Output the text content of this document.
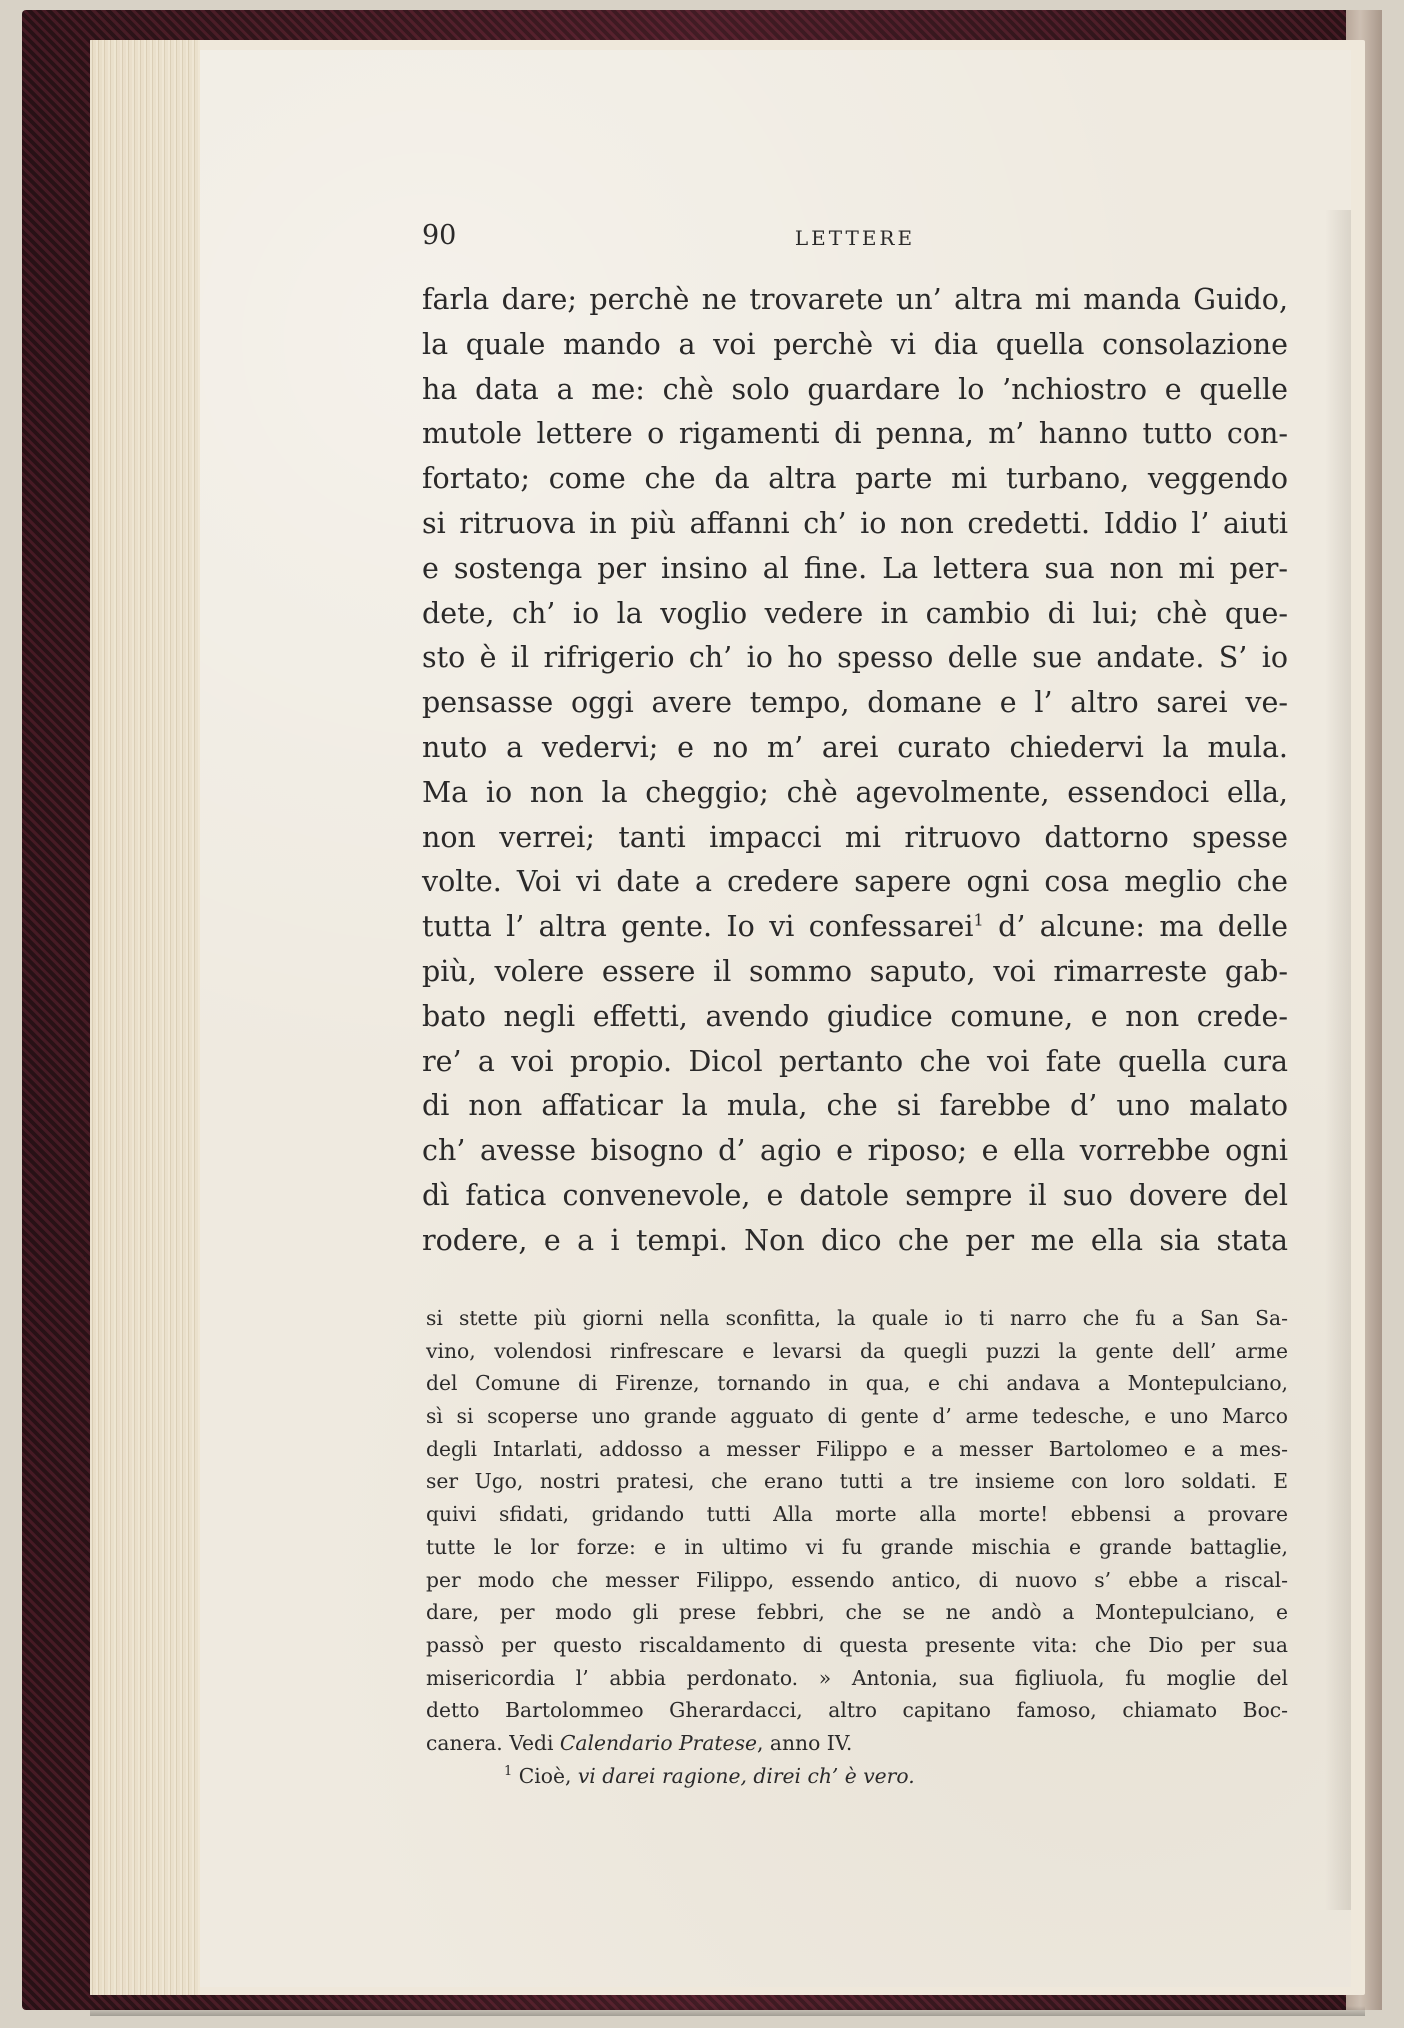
90	LETTERE
farla dare; perchè ne trovarete un’ altra mi manda Guido,
la quale mando a voi perchè vi dia quella consolazione
ha data a me: chè solo guardare lo ’nchiostro e quelle
mutole lettere o rigamenti di penna, m’ hanno tutto con-
fortato; come che da altra parte mi turbano, veggendo
si ritruova in più affanni ch’ io non credetti. Iddio l’ aiuti
e sostenga per insino al fine. La lettera sua non mi per-
dete, ch’ io la voglio vedere in cambio di lui; chè que-
sto è il rifrigerio ch’ io ho spesso delle sue andate. S’ io
pensasse oggi avere tempo, domane e l’ altro sarei ve-
nuto a vedervi; e no m’ arei curato chiedervi la mula.
Ma io non la cheggio; chè agevolmente, essendoci ella,
non verrei; tanti impacci mi ritruovo dattorno spesse
volte. Voi vi date a credere sapere ogni cosa meglio che
tutta l’ altra gente. Io vi confessarei$^1$ d’ alcune: ma delle
più, volere essere il sommo saputo, voi rimarreste gab-
bato negli effetti, avendo giudice comune, e non crede-
re’ a voi propio. Dicol pertanto che voi fate quella cura
di non affaticar la mula, che si farebbe d’ uno malato
ch’ avesse bisogno d’ agio e riposo; e ella vorrebbe ogni
dì fatica convenevole, e datole sempre il suo dovere del
rodere, e a i tempi. Non dico che per me ella sia stata
si stette più giorni nella sconfitta, la quale io ti narro che fu a San Sa-
vino, volendosi rinfrescare e levarsi da quegli puzzi la gente dell’ arme
del Comune di Firenze, tornando in qua, e chi andava a Montepulciano,
sì si scoperse uno grande agguato di gente d’ arme tedesche, e uno Marco
degli Intarlati, addosso a messer Filippo e a messer Bartolomeo e a mes-
ser Ugo, nostri pratesi, che erano tutti a tre insieme con loro soldati. E
quivi sfidati, gridando tutti Alla morte alla morte! ebbensi a provare
tutte le lor forze: e in ultimo vi fu grande mischia e grande battaglie,
per modo che messer Filippo, essendo antico, di nuovo s’ ebbe a riscal-
dare, per modo gli prese febbri, che se ne andò a Montepulciano, e
passò per questo riscaldamento di questa presente vita: che Dio per sua
misericordia l’ abbia perdonato. » Antonia, sua figliuola, fu moglie del
detto Bartolommeo Gherardacci, altro capitano famoso, chiamato Boc-
canera. Vedi Calendario Pratese, anno IV.
$^1$ Cioè, vi darei ragione, direi ch’ è vero.
